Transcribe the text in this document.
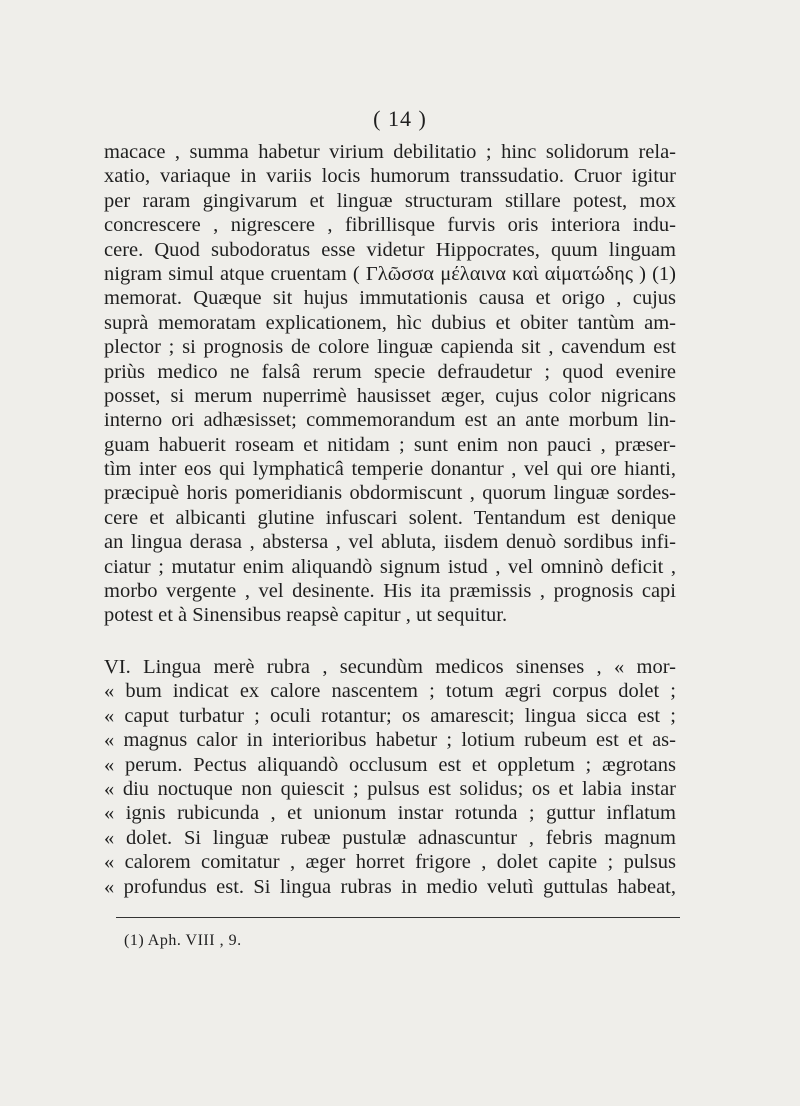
( 14 )
macace , summa habetur virium debilitatio ; hinc solidorum rela-
xatio, variaque in variis locis humorum transsudatio. Cruor igitur
per raram gingivarum et linguæ structuram stillare potest, mox
concrescere , nigrescere , fibrillisque furvis oris interiora indu-
cere. Quod subodoratus esse videtur Hippocrates, quum linguam
nigram simul atque cruentam ( Γλῶσσα μέλαινα καὶ αἱματώδης ) (1)
memorat. Quæque sit hujus immutationis causa et origo , cujus
suprà memoratam explicationem, hìc dubius et obiter tantùm am-
plector ; si prognosis de colore linguæ capienda sit , cavendum est
priùs medico ne falsâ rerum specie defraudetur ; quod evenire
posset, si merum nuperrimè hausisset æger, cujus color nigricans
interno ori adhæsisset; commemorandum est an ante morbum lin-
guam habuerit roseam et nitidam ; sunt enim non pauci , præser-
tìm inter eos qui lymphaticâ temperie donantur , vel qui ore hianti,
præcipuè horis pomeridianis obdormiscunt , quorum linguæ sordes-
cere et albicanti glutine infuscari solent. Tentandum est denique
an lingua derasa , abstersa , vel abluta, iisdem denuò sordibus infi-
ciatur ; mutatur enim aliquandò signum istud , vel omninò deficit ,
morbo vergente , vel desinente. His ita præmissis , prognosis capi
potest et à Sinensibus reapsè capitur , ut sequitur.
VI. Lingua merè rubra , secundùm medicos sinenses , « mor-
« bum indicat ex calore nascentem ; totum ægri corpus dolet ;
« caput turbatur ; oculi rotantur; os amarescit; lingua sicca est ;
« magnus calor in interioribus habetur ; lotium rubeum est et as-
« perum. Pectus aliquandò occlusum est et oppletum ; ægrotans
« diu noctuque non quiescit ; pulsus est solidus; os et labia instar
« ignis rubicunda , et unionum instar rotunda ; guttur inflatum
« dolet. Si linguæ rubeæ pustulæ adnascuntur , febris magnum
« calorem comitatur , æger horret frigore , dolet capite ; pulsus
« profundus est. Si lingua rubras in medio velutì guttulas habeat,
(1) Aph. VIII , 9.
